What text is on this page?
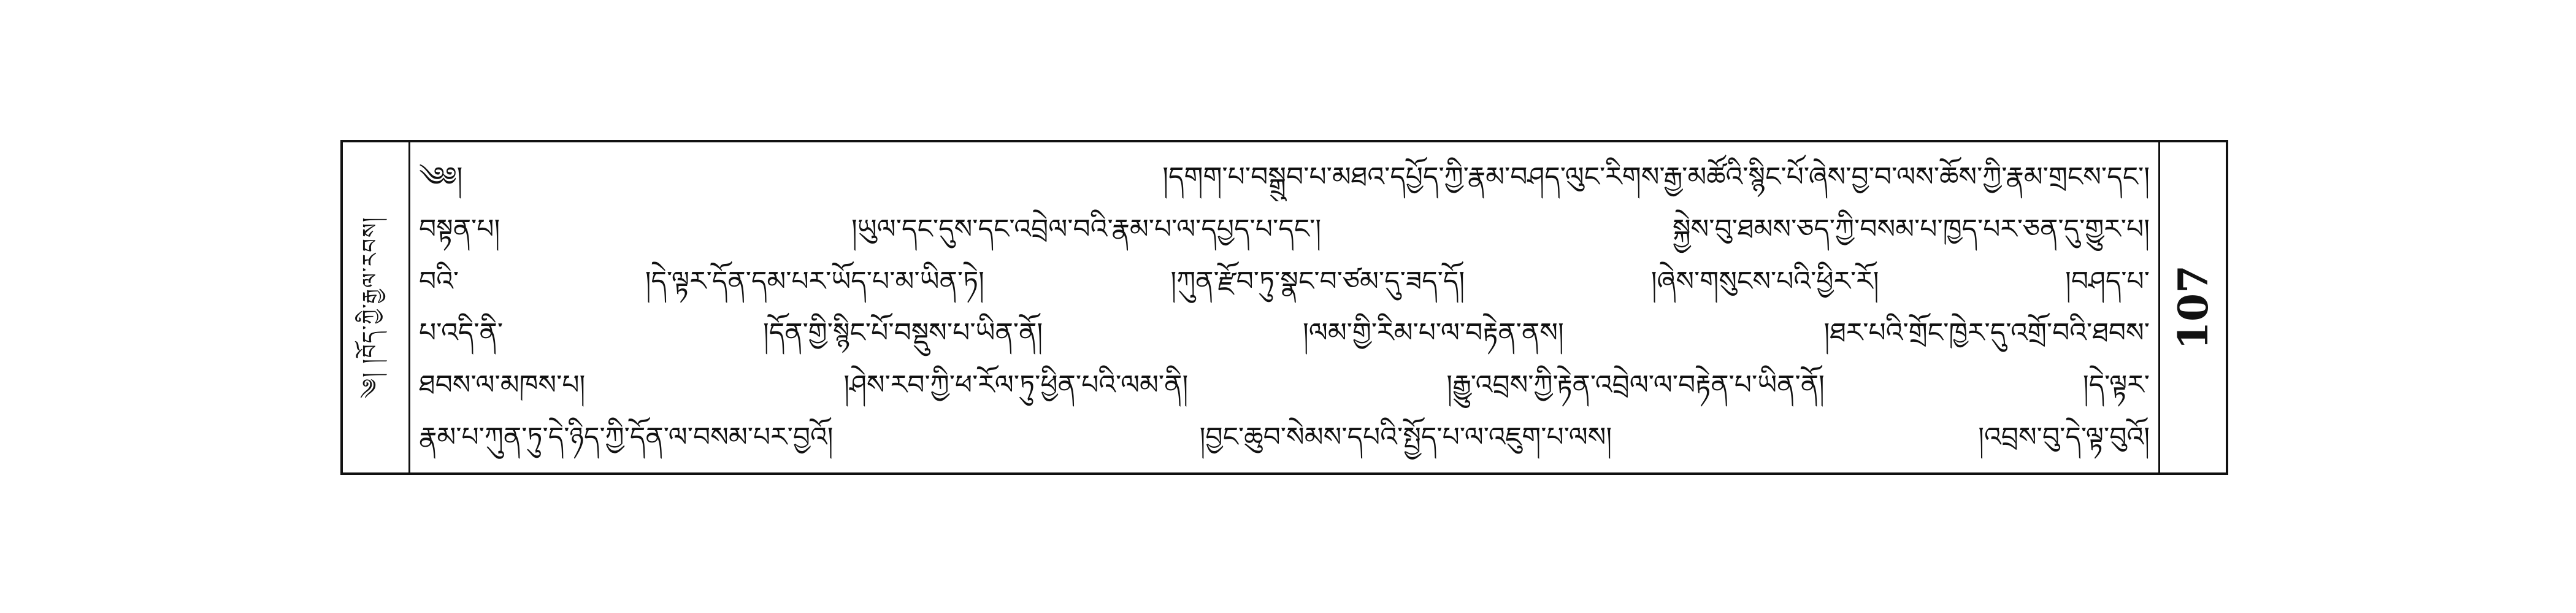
༄། །བོད་ཀྱི་རྒྱལ་རབས།
༄༅། །དགག་པ་བསྒྲུབ་པ་མཐའ་དཔྱོད་ཀྱི་རྣམ་བཤད་ལུང་རིགས་རྒྱ་མཚོའི་སྙིང་པོ་ཞེས་བྱ་བ་ལས་ཆོས་ཀྱི་རྣམ་གྲངས་དང་།
བསྟན་པ། །ཡུལ་དང་དུས་དང་འབྲེལ་བའི་རྣམ་པ་ལ་དཔྱད་པ་དང་། སྐྱེས་བུ་ཐམས་ཅད་ཀྱི་བསམ་པ་ཁྱད་པར་ཅན་དུ་གྱུར་པ།
བའི་ །དེ་ལྟར་དོན་དམ་པར་ཡོད་པ་མ་ཡིན་ཏེ། །ཀུན་རྫོབ་ཏུ་སྣང་བ་ཙམ་དུ་ཟད་དོ། །ཞེས་གསུངས་པའི་ཕྱིར་རོ། །བཤད་པ་
པ་འདི་ནི་ །དོན་གྱི་སྙིང་པོ་བསྡུས་པ་ཡིན་ནོ། །ལམ་གྱི་རིམ་པ་ལ་བརྟེན་ནས། །ཐར་པའི་གྲོང་ཁྱེར་དུ་འགྲོ་བའི་ཐབས་
ཐབས་ལ་མཁས་པ། །ཤེས་རབ་ཀྱི་ཕ་རོལ་ཏུ་ཕྱིན་པའི་ལམ་ནི། །རྒྱུ་འབྲས་ཀྱི་རྟེན་འབྲེལ་ལ་བརྟེན་པ་ཡིན་ནོ། །དེ་ལྟར་
རྣམ་པ་ཀུན་ཏུ་དེ་ཉིད་ཀྱི་དོན་ལ་བསམ་པར་བྱའོ། །བྱང་ཆུབ་སེམས་དཔའི་སྤྱོད་པ་ལ་འཇུག་པ་ལས། །འབྲས་བུ་དེ་ལྟ་བུའོ།
107
